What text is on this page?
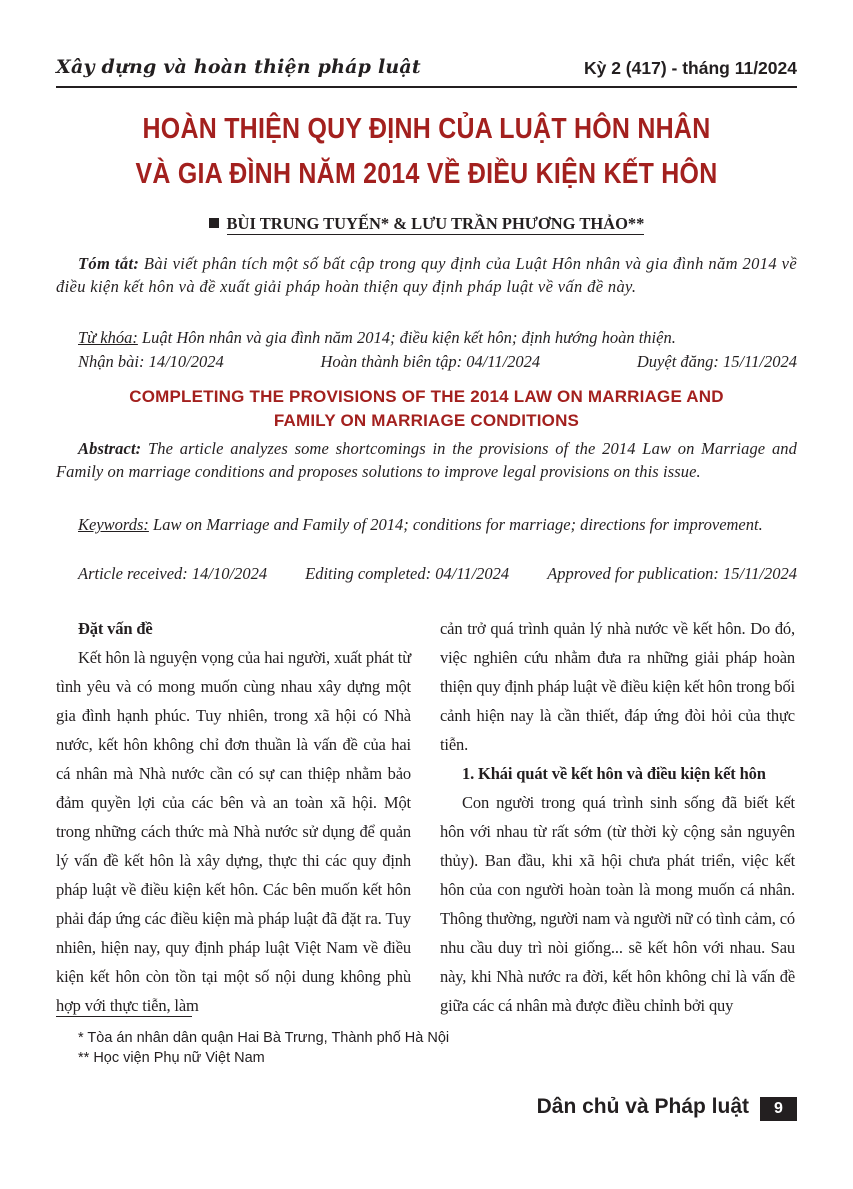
Xây dựng và hoàn thiện pháp luật	Kỳ 2 (417) - tháng 11/2024
HOÀN THIỆN QUY ĐỊNH CỦA LUẬT HÔN NHÂN
VÀ GIA ĐÌNH NĂM 2014 VỀ ĐIỀU KIỆN KẾT HÔN
BÙI TRUNG TUYẾN* & LƯU TRẦN PHƯƠNG THẢO**
Tóm tắt: Bài viết phân tích một số bất cập trong quy định của Luật Hôn nhân và gia đình năm 2014 về điều kiện kết hôn và đề xuất giải pháp hoàn thiện quy định pháp luật về vấn đề này.
Từ khóa: Luật Hôn nhân và gia đình năm 2014; điều kiện kết hôn; định hướng hoàn thiện.
Nhận bài: 14/10/2024	Hoàn thành biên tập: 04/11/2024	Duyệt đăng: 15/11/2024
COMPLETING THE PROVISIONS OF THE 2014 LAW ON MARRIAGE AND
FAMILY ON MARRIAGE CONDITIONS
Abstract: The article analyzes some shortcomings in the provisions of the 2014 Law on Marriage and Family on marriage conditions and proposes solutions to improve legal provisions on this issue.
Keywords: Law on Marriage and Family of 2014; conditions for marriage; directions for improvement.
Article received: 14/10/2024 Editing completed: 04/11/2024 Approved for publication: 15/11/2024

Đặt vấn đề

Kết hôn là nguyện vọng của hai người, xuất phát từ tình yêu và có mong muốn cùng nhau xây dựng một gia đình hạnh phúc. Tuy nhiên, trong xã hội có Nhà nước, kết hôn không chỉ đơn thuần là vấn đề của hai cá nhân mà Nhà nước cần có sự can thiệp nhằm bảo đảm quyền lợi của các bên và an toàn xã hội. Một trong những cách thức mà Nhà nước sử dụng để quản lý vấn đề kết hôn là xây dựng, thực thi các quy định pháp luật về điều kiện kết hôn. Các bên muốn kết hôn phải đáp ứng các điều kiện mà pháp luật đã đặt ra. Tuy nhiên, hiện nay, quy định pháp luật Việt Nam về điều kiện kết hôn còn tồn tại một số nội dung không phù hợp với thực tiễn, làm

cản trở quá trình quản lý nhà nước về kết hôn. Do đó, việc nghiên cứu nhằm đưa ra những giải pháp hoàn thiện quy định pháp luật về điều kiện kết hôn trong bối cảnh hiện nay là cần thiết, đáp ứng đòi hỏi của thực tiễn.

1. Khái quát về kết hôn và điều kiện kết hôn

Con người trong quá trình sinh sống đã biết kết hôn với nhau từ rất sớm (từ thời kỳ cộng sản nguyên thủy). Ban đầu, khi xã hội chưa phát triển, việc kết hôn của con người hoàn toàn là mong muốn cá nhân. Thông thường, người nam và người nữ có tình cảm, có nhu cầu duy trì nòi giống... sẽ kết hôn với nhau. Sau này, khi Nhà nước ra đời, kết hôn không chỉ là vấn đề giữa các cá nhân mà được điều chỉnh bởi quy

* Tòa án nhân dân quận Hai Bà Trưng, Thành phố Hà Nội
** Học viện Phụ nữ Việt Nam
Dân chủ và Pháp luật	9
